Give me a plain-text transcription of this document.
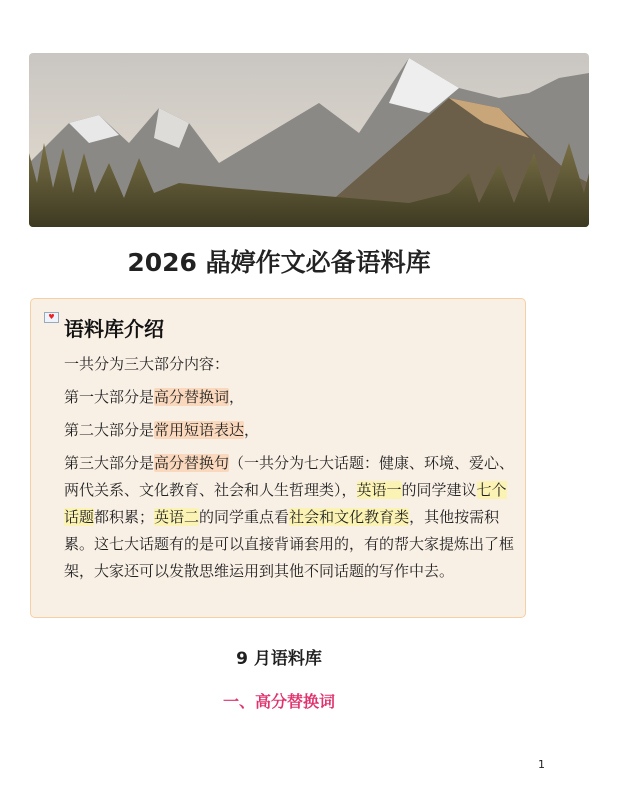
2026 晶婷作文必备语料库
♥ 语料库介绍

一共分为三大部分内容：

第一大部分是高分替换词，

第二大部分是常用短语表达，

第三大部分是高分替换句（一共分为七大话题：健康、环境、爱心、两代关系、文化教育、社会和人生哲理类），英语一的同学建议七个话题都积累；英语二的同学重点看社会和文化教育类，其他按需积累。这七大话题有的是可以直接背诵套用的，有的帮大家提炼出了框架，大家还可以发散思维运用到其他不同话题的写作中去。

9 月语料库
一、高分替换词
1
